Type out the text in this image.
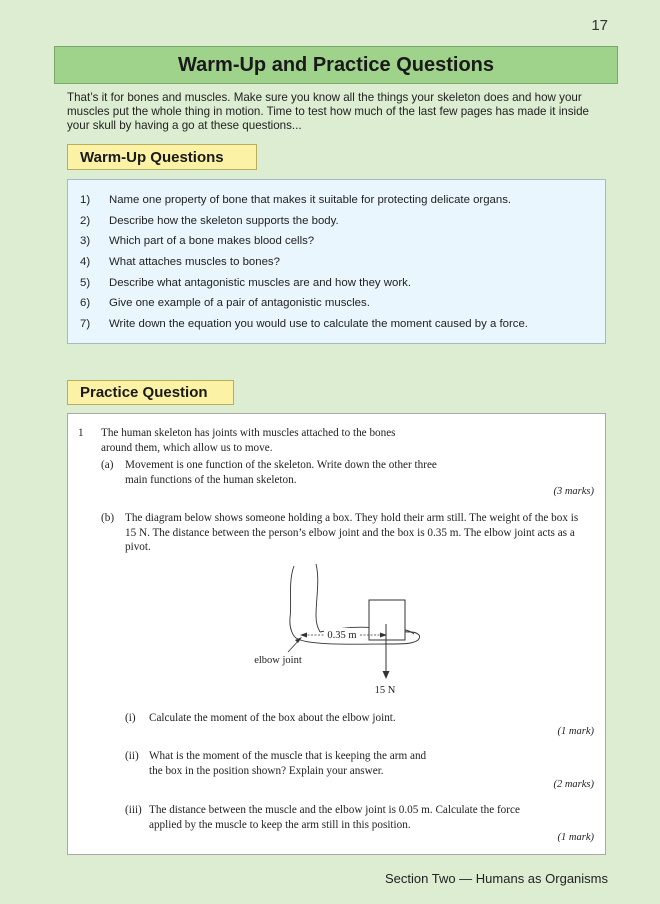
17
Warm-Up and Practice Questions
That’s it for bones and muscles. Make sure you know all the things your skeleton does and how your muscles put the whole thing in motion. Time to test how much of the last few pages has made it inside your skull by having a go at these questions...
Warm-Up Questions
1)	Name one property of bone that makes it suitable for protecting delicate organs.
2)	Describe how the skeleton supports the body.
3)	Which part of a bone makes blood cells?
4)	What attaches muscles to bones?
5)	Describe what antagonistic muscles are and how they work.
6)	Give one example of a pair of antagonistic muscles.
7)	Write down the equation you would use to calculate the moment caused by a force.
Practice Question
1 The human skeleton has joints with muscles attached to the bones around them, which allow us to move.
(a) Movement is one function of the skeleton. Write down the other three main functions of the human skeleton.
(3 marks)
(b) The diagram below shows someone holding a box. They hold their arm still. The weight of the box is 15 N. The distance between the person’s elbow joint and the box is 0.35 m. The elbow joint acts as a pivot.
0.35 m
15 N
elbow joint
(i) Calculate the moment of the box about the elbow joint.
(1 mark)
(ii) What is the moment of the muscle that is keeping the arm and the box in the position shown? Explain your answer.
(2 marks)
(iii) The distance between the muscle and the elbow joint is 0.05 m. Calculate the force applied by the muscle to keep the arm still in this position.
(1 mark)
Section Two — Humans as Organisms
